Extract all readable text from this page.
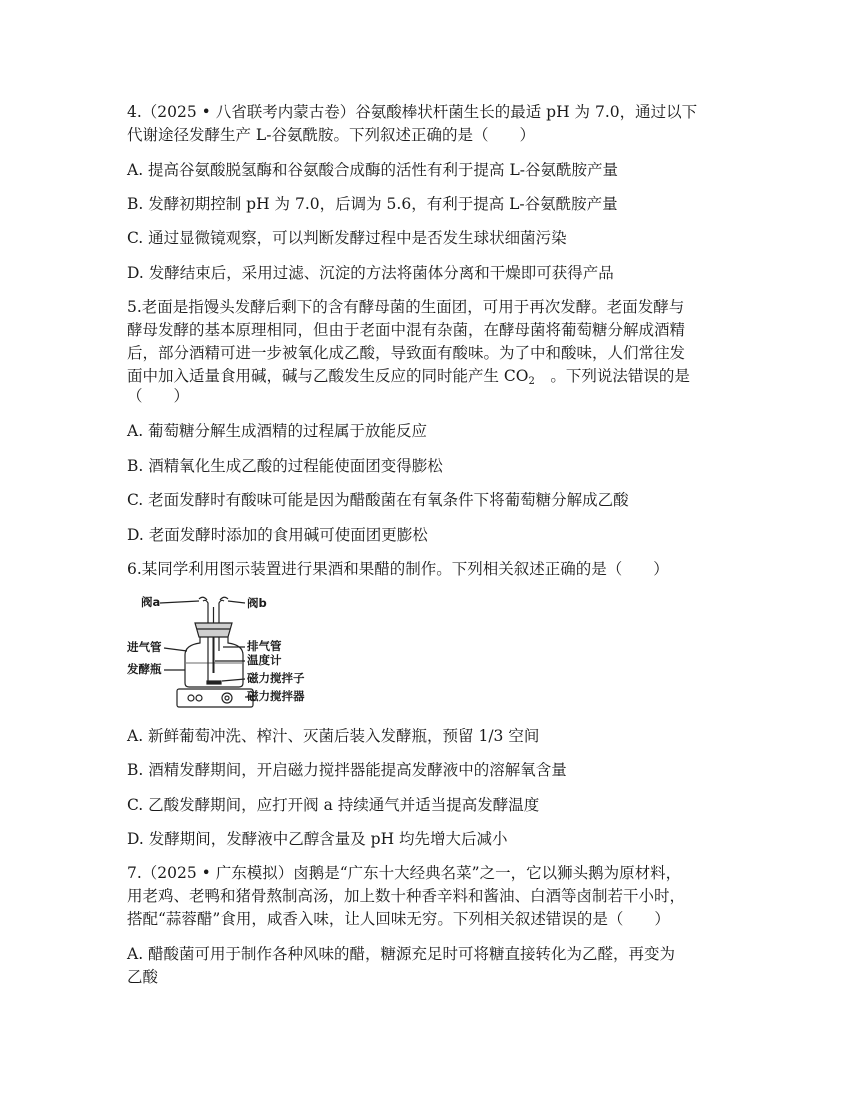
4.（2025 • 八省联考内蒙古卷）谷氨酸棒状杆菌生长的最适 pH 为 7.0，通过以下

代谢途径发酵生产 L-谷氨酰胺。下列叙述正确的是（　　）

A. 提高谷氨酸脱氢酶和谷氨酸合成酶的活性有利于提高 L-谷氨酰胺产量

B. 发酵初期控制 pH 为 7.0，后调为 5.6，有利于提高 L-谷氨酰胺产量

C. 通过显微镜观察，可以判断发酵过程中是否发生球状细菌污染

D. 发酵结束后，采用过滤、沉淀的方法将菌体分离和干燥即可获得产品

5.老面是指馒头发酵后剩下的含有酵母菌的生面团，可用于再次发酵。老面发酵与

酵母发酵的基本原理相同，但由于老面中混有杂菌，在酵母菌将葡萄糖分解成酒精

后，部分酒精可进一步被氧化成乙酸，导致面有酸味。为了中和酸味，人们常往发

面中加入适量食用碱，碱与乙酸发生反应的同时能产生 CO2　。下列说法错误的是

（　　）

A. 葡萄糖分解生成酒精的过程属于放能反应

B. 酒精氧化生成乙酸的过程能使面团变得膨松

C. 老面发酵时有酸味可能是因为醋酸菌在有氧条件下将葡萄糖分解成乙酸

D. 老面发酵时添加的食用碱可使面团更膨松

6.某同学利用图示装置进行果酒和果醋的制作。下列相关叙述正确的是（　　）

阀a	阀b
进气管
发酵瓶
排气管
温度计
磁力搅拌子
磁力搅拌器

A. 新鲜葡萄冲洗、榨汁、灭菌后装入发酵瓶，预留 1/3 空间

B. 酒精发酵期间，开启磁力搅拌器能提高发酵液中的溶解氧含量

C. 乙酸发酵期间，应打开阀 a 持续通气并适当提高发酵温度

D. 发酵期间，发酵液中乙醇含量及 pH 均先增大后减小

7.（2025 • 广东模拟）卤鹅是“广东十大经典名菜”之一，它以狮头鹅为原材料，

用老鸡、老鸭和猪骨熬制高汤，加上数十种香辛料和酱油、白酒等卤制若干小时，

搭配“蒜蓉醋”食用，咸香入味，让人回味无穷。下列相关叙述错误的是（　　）

A. 醋酸菌可用于制作各种风味的醋，糖源充足时可将糖直接转化为乙醛，再变为

乙酸
